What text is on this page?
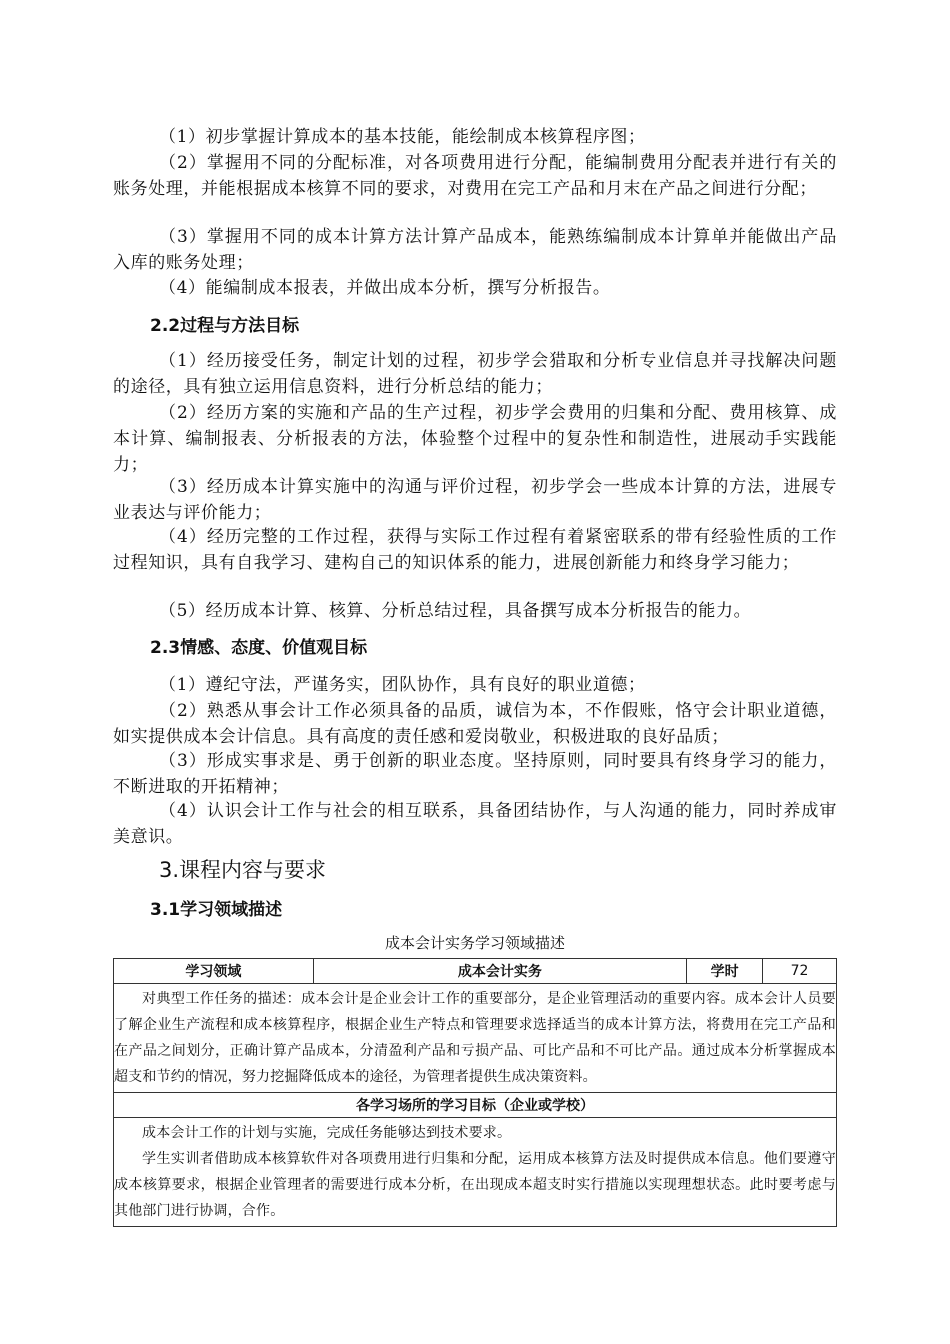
（1）初步掌握计算成本的基本技能，能绘制成本核算程序图；

（2）掌握用不同的分配标准，对各项费用进行分配，能编制费用分配表并进行有关的账务处理，并能根据成本核算不同的要求，对费用在完工产品和月末在产品之间进行分配；

（3）掌握用不同的成本计算方法计算产品成本，能熟练编制成本计算单并能做出产品入库的账务处理；

（4）能编制成本报表，并做出成本分析，撰写分析报告。

2.2过程与方法目标

（1）经历接受任务，制定计划的过程，初步学会猎取和分析专业信息并寻找解决问题的途径，具有独立运用信息资料，进行分析总结的能力；

（2）经历方案的实施和产品的生产过程，初步学会费用的归集和分配、费用核算、成本计算、编制报表、分析报表的方法，体验整个过程中的复杂性和制造性，进展动手实践能力；

（3）经历成本计算实施中的沟通与评价过程，初步学会一些成本计算的方法，进展专业表达与评价能力；

（4）经历完整的工作过程，获得与实际工作过程有着紧密联系的带有经验性质的工作过程知识，具有自我学习、建构自己的知识体系的能力，进展创新能力和终身学习能力；

（5）经历成本计算、核算、分析总结过程，具备撰写成本分析报告的能力。

2.3情感、态度、价值观目标

（1）遵纪守法，严谨务实，团队协作，具有良好的职业道德；

（2）熟悉从事会计工作必须具备的品质，诚信为本，不作假账，恪守会计职业道德，如实提供成本会计信息。具有高度的责任感和爱岗敬业，积极进取的良好品质；

（3）形成实事求是、勇于创新的职业态度。坚持原则，同时要具有终身学习的能力，不断进取的开拓精神；

（4）认识会计工作与社会的相互联系，具备团结协作，与人沟通的能力，同时养成审美意识。

3.课程内容与要求
3.1学习领域描述
成本会计实务学习领域描述
学习领域	成本会计实务	学时	72

对典型工作任务的描述：成本会计是企业会计工作的重要部分，是企业管理活动的重要内容。成本会计人员要了解企业生产流程和成本核算程序，根据企业生产特点和管理要求选择适当的成本计算方法，将费用在完工产品和在产品之间划分，正确计算产品成本，分清盈利产品和亏损产品、可比产品和不可比产品。通过成本分析掌握成本超支和节约的情况，努力挖掘降低成本的途径，为管理者提供生成决策资料。

各学习场所的学习目标（企业或学校）

成本会计工作的计划与实施，完成任务能够达到技术要求。

学生实训者借助成本核算软件对各项费用进行归集和分配，运用成本核算方法及时提供成本信息。他们要遵守成本核算要求，根据企业管理者的需要进行成本分析，在出现成本超支时实行措施以实现理想状态。此时要考虑与其他部门进行协调，合作。
